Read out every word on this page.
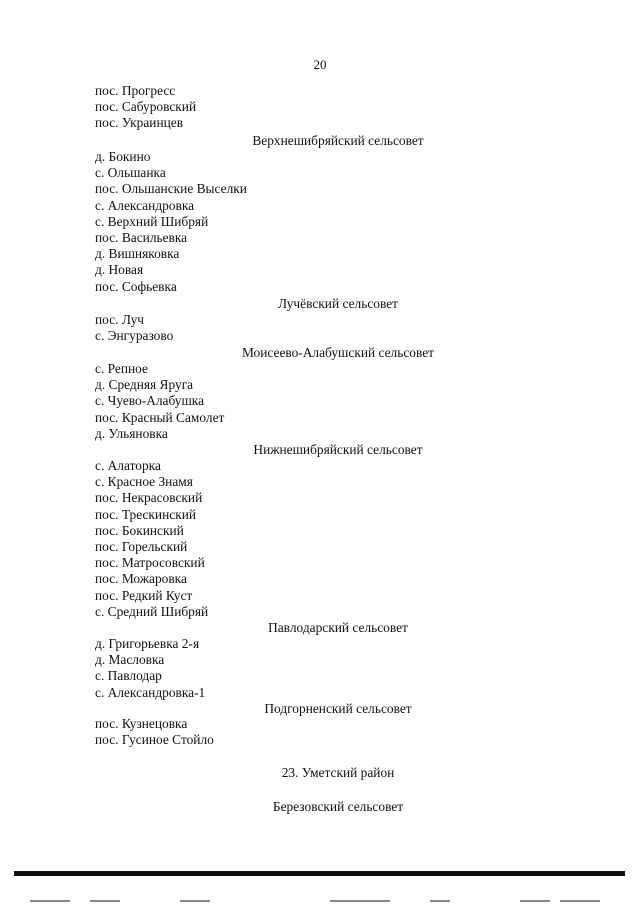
20
пос. Прогресс
пос. Сабуровский
пос. Украинцев
Верхнешибряйский сельсовет
д. Бокино
с. Ольшанка
пос. Ольшанские Выселки
с. Александровка
с. Верхний Шибряй
пос. Васильевка
д. Вишняковка
д. Новая
пос. Софьевка
Лучёвский сельсовет
пос. Луч
с. Энгуразово
Моисеево-Алабушский сельсовет
с. Репное
д. Средняя Яруга
с. Чуево-Алабушка
пос. Красный Самолет
д. Ульяновка
Нижнешибряйский сельсовет
с. Алаторка
с. Красное Знамя
пос. Некрасовский
пос. Трескинский
пос. Бокинский
пос. Горельский
пос. Матросовский
пос. Можаровка
пос. Редкий Куст
с. Средний Шибряй
Павлодарский сельсовет
д. Григорьевка 2-я
д. Масловка
с. Павлодар
с. Александровка-1
Подгорненский сельсовет
пос. Кузнецовка
пос. Гусиное Стойло
23. Уметский район
Березовский сельсовет
